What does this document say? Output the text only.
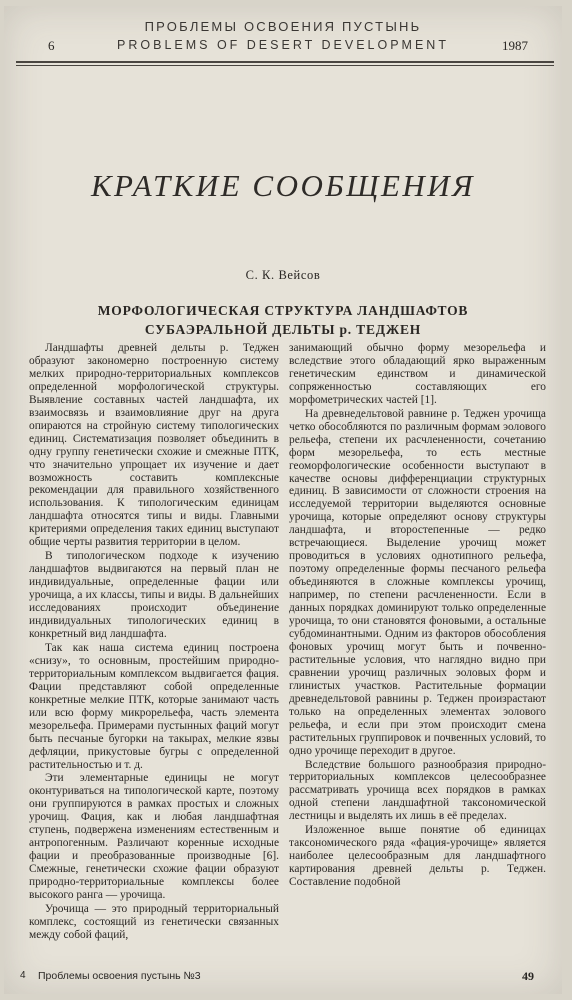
ПРОБЛЕМЫ ОСВОЕНИЯ ПУСТЫНЬ
6	PROBLEMS OF DESERT DEVELOPMENT	1987
КРАТКИЕ СООБЩЕНИЯ
С. К. Вейсов
МОРФОЛОГИЧЕСКАЯ СТРУКТУРА ЛАНДШАФТОВ
СУБАЭРАЛЬНОЙ ДЕЛЬТЫ р. ТЕДЖЕН

Ландшафты древней дельты р. Теджен образуют закономерно построенную систему мелких природно-территориальных комплексов определенной морфологической структуры. Выявление составных частей ландшафта, их взаимосвязь и взаимовлияние друг на друга опираются на стройную систему типологических единиц. Систематизация позволяет объединить в одну группу генетически схожие и смежные ПТК, что значительно упрощает их изучение и дает возможность составить комплексные рекомендации для правильного хозяйственного использования. К типологическим единицам ландшафта относятся типы и виды. Главными критериями определения таких единиц выступают общие черты развития территории в целом.

В типологическом подходе к изучению ландшафтов выдвигаются на первый план не индивидуальные, определенные фации или урочища, а их классы, типы и виды. В дальнейших исследованиях происходит объединение индивидуальных типологических единиц в конкретный вид ландшафта.

Так как наша система единиц построена «снизу», то основным, простейшим природно-территориальным комплексом выдвигается фация. Фации представляют собой определенные конкретные мелкие ПТК, которые занимают часть или всю форму микрорельефа, часть элемента мезорельефа. Примерами пустынных фаций могут быть песчаные бугорки на такырах, мелкие язвы дефляции, прикустовые бугры с определенной растительностью и т. д.

Эти элементарные единицы не могут оконтуриваться на типологической карте, поэтому они группируются в рамках простых и сложных урочищ. Фация, как и любая ландшафтная ступень, подвержена изменениям естественным и антропогенным. Различают коренные исходные фации и преобразованные производные [6]. Смежные, генетически схожие фации образуют природно-территориальные комплексы более высокого ранга — урочища.

Урочища — это природный территориальный комплекс, состоящий из генетически связанных между собой фаций,

занимающий обычно форму мезорельефа и вследствие этого обладающий ярко выраженным генетическим единством и динамической сопряженностью составляющих его морфометрических частей [1].

На древнедельтовой равнине р. Теджен урочища четко обособляются по различным формам эолового рельефа, степени их расчлененности, сочетанию форм мезорельефа, то есть местные геоморфологические особенности выступают в качестве основы дифференциации структурных единиц. В зависимости от сложности строения на исследуемой территории выделяются основные урочища, которые определяют основу структуры ландшафта, и второстепенные — редко встречающиеся. Выделение урочищ может проводиться в условиях однотипного рельефа, поэтому определенные формы песчаного рельефа объединяются в сложные комплексы урочищ, например, по степени расчлененности. Если в данных порядках доминируют только определенные урочища, то они становятся фоновыми, а остальные субдоминантными. Одним из факторов обособления фоновых урочищ могут быть и почвенно-растительные условия, что наглядно видно при сравнении урочищ различных эоловых форм и глинистых участков. Растительные формации древнедельтовой равнины р. Теджен произрастают только на определенных элементах эолового рельефа, и если при этом происходит смена растительных группировок и почвенных условий, то одно урочище переходит в другое.

Вследствие большого разнообразия природно-территориальных комплексов целесообразнее рассматривать урочища всех порядков в рамках одной степени ландшафтной таксономической лестницы и выделять их лишь в её пределах.

Изложенное выше понятие об единицах таксономического ряда «фация-урочище» является наиболее целесообразным для ландшафтного картирования древней дельты р. Теджен. Составление подобной

4 Проблемы освоения пустынь №3	49
